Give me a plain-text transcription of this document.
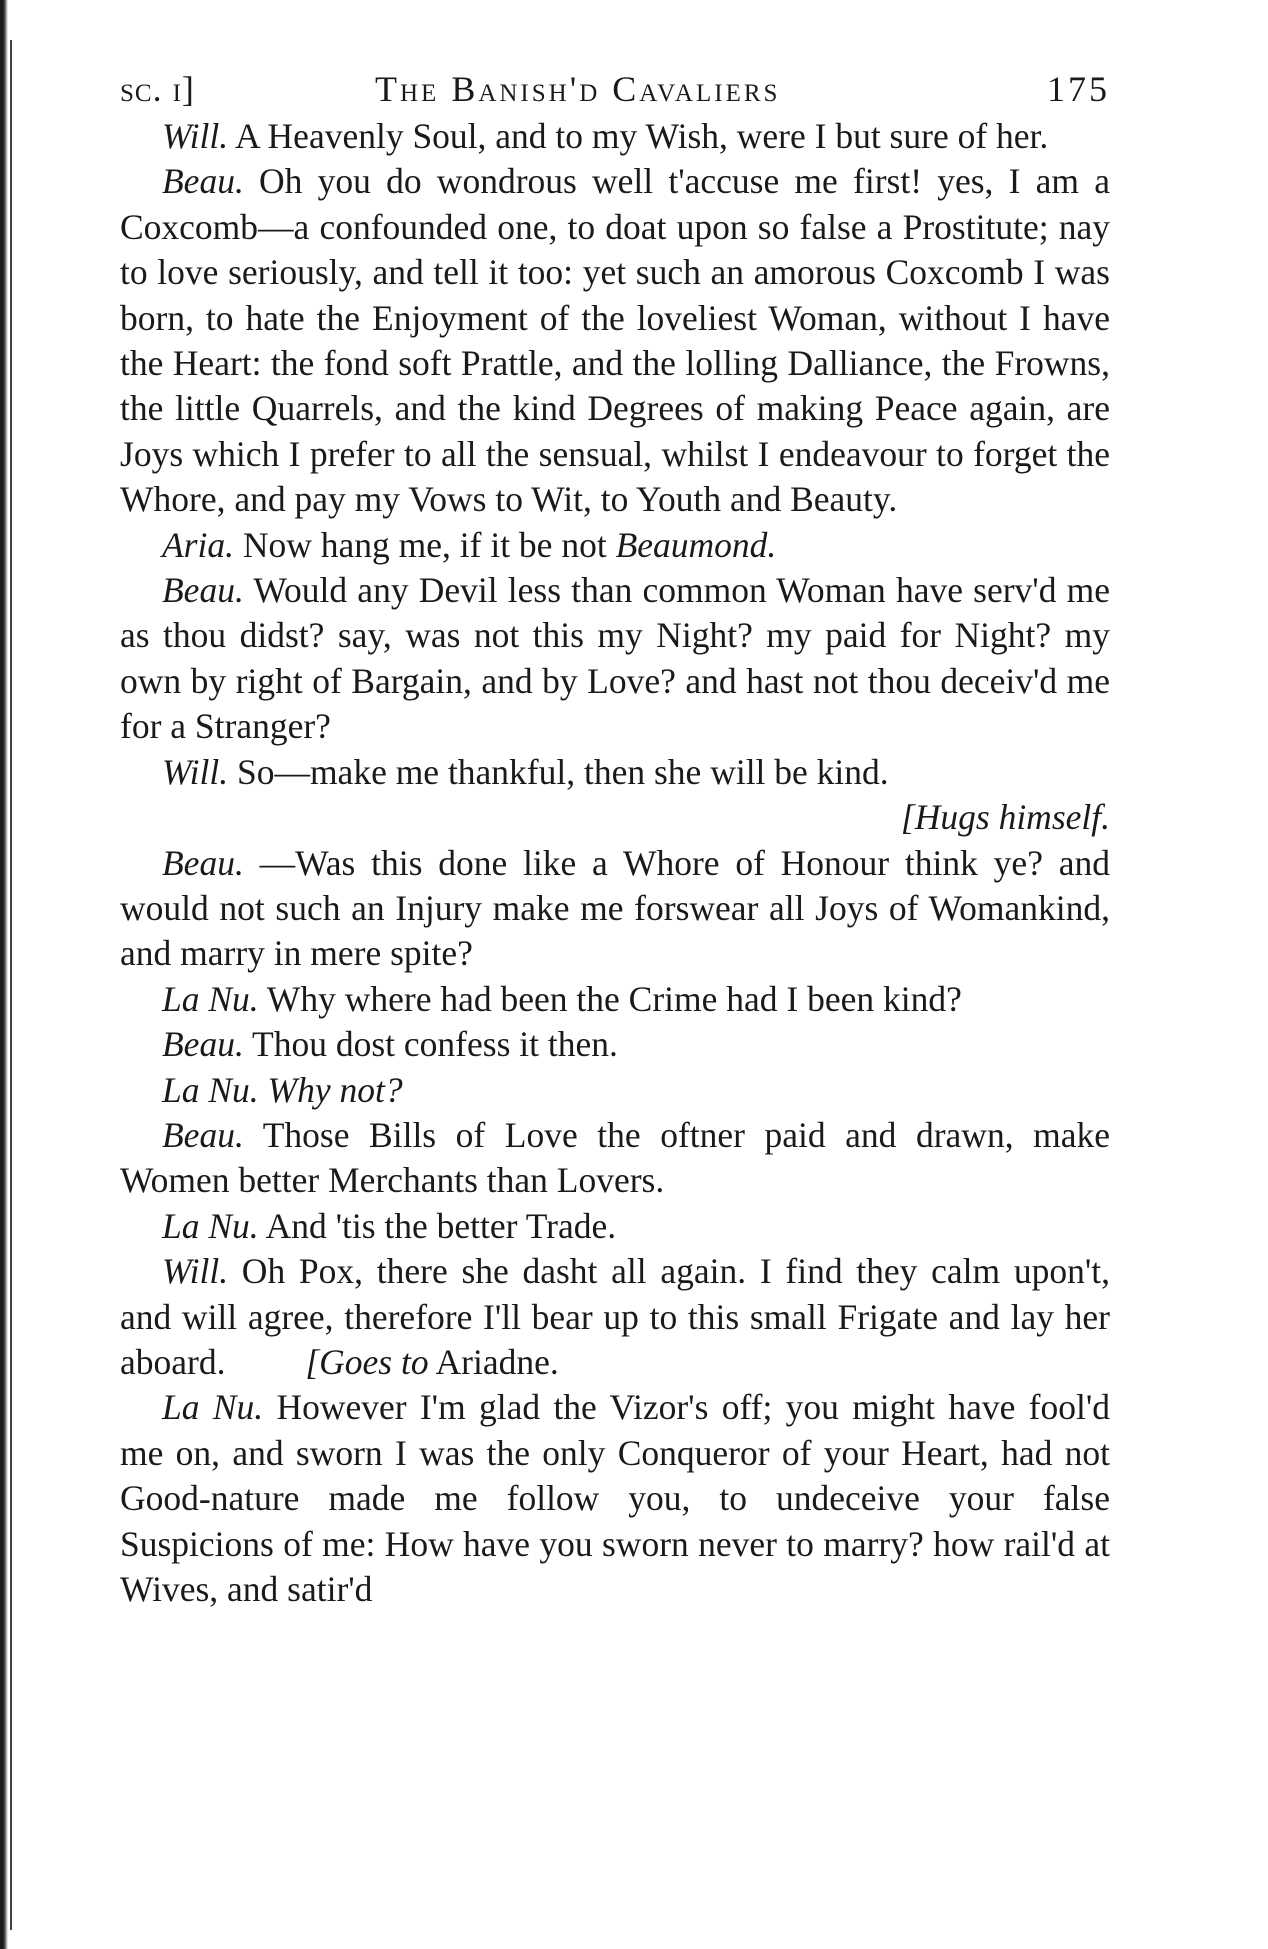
sc. i]	The Banish'd Cavaliers	175

Will. A Heavenly Soul, and to my Wish, were I but sure of her.

Beau. Oh you do wondrous well t'accuse me first! yes, I am a Coxcomb—a confounded one, to doat upon so false a Prostitute; nay to love seriously, and tell it too: yet such an amorous Coxcomb I was born, to hate the Enjoyment of the loveliest Woman, without I have the Heart: the fond soft Prattle, and the lolling Dalliance, the Frowns, the little Quarrels, and the kind Degrees of making Peace again, are Joys which I prefer to all the sensual, whilst I endeavour to forget the Whore, and pay my Vows to Wit, to Youth and Beauty.

Aria. Now hang me, if it be not Beaumond.

Beau. Would any Devil less than common Woman have serv'd me as thou didst? say, was not this my Night? my paid for Night? my own by right of Bargain, and by Love? and hast not thou deceiv'd me for a Stranger?

Will. So—make me thankful, then she will be kind.

[Hugs himself.

Beau. —Was this done like a Whore of Honour think ye? and would not such an Injury make me forswear all Joys of Womankind, and marry in mere spite?

La Nu. Why where had been the Crime had I been kind?

Beau. Thou dost confess it then.

La Nu. Why not?

Beau. Those Bills of Love the oftner paid and drawn, make Women better Merchants than Lovers.

La Nu. And 'tis the better Trade.

Will. Oh Pox, there she dasht all again. I find they calm upon't, and will agree, therefore I'll bear up to this small Frigate and lay her aboard. [Goes to Ariadne.

La Nu. However I'm glad the Vizor's off; you might have fool'd me on, and sworn I was the only Conqueror of your Heart, had not Good-nature made me follow you, to undeceive your false Suspicions of me: How have you sworn never to marry? how rail'd at Wives, and satir'd
